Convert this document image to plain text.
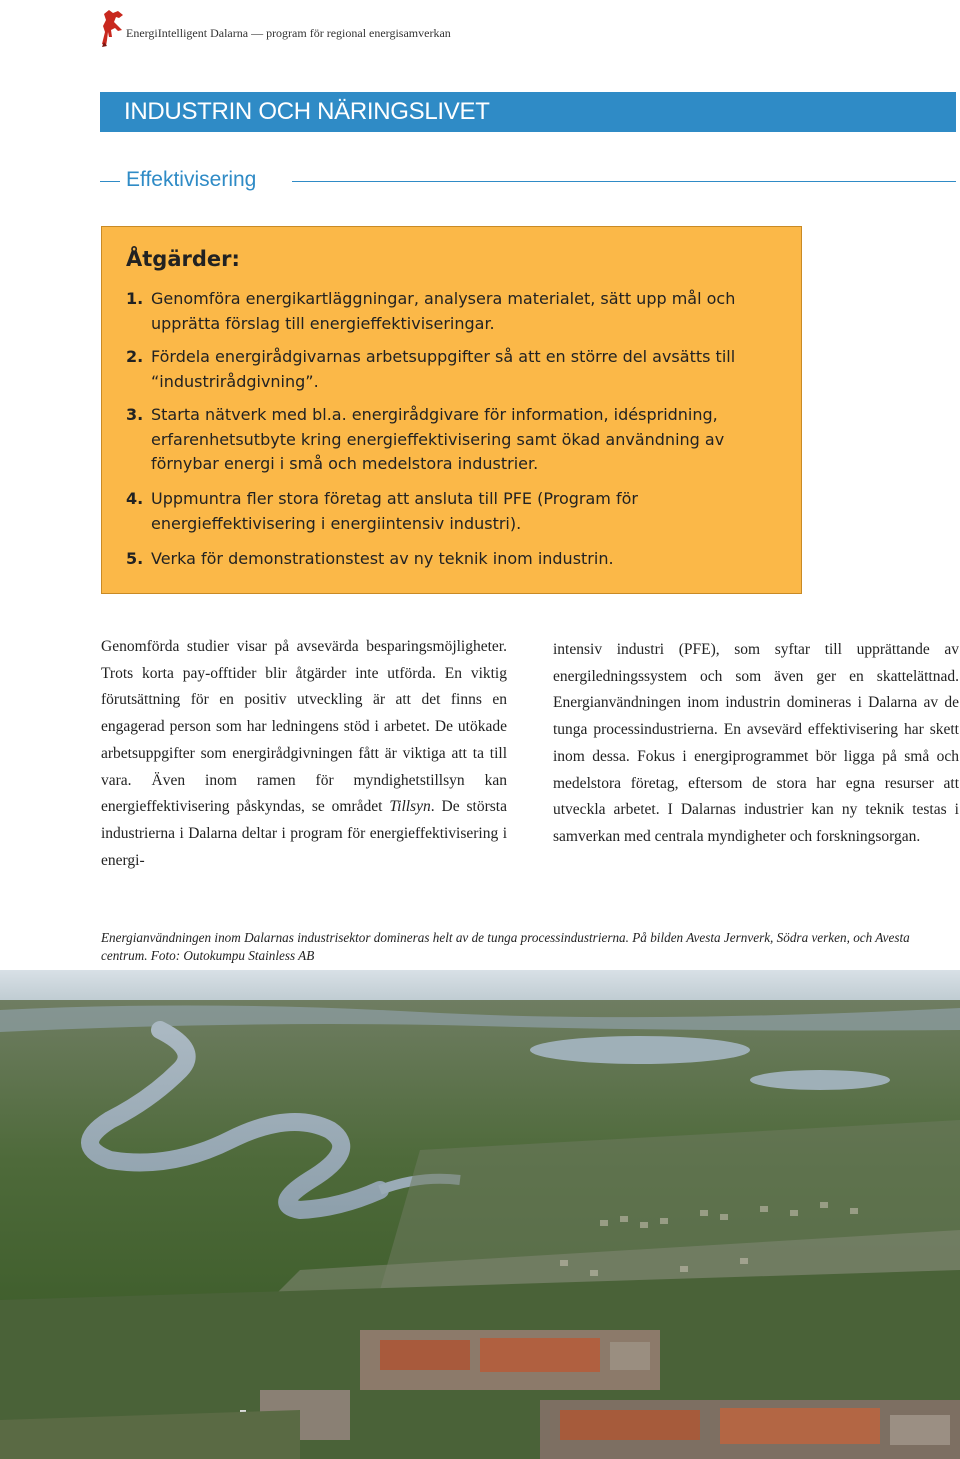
EnergiIntelligent Dalarna — program för regional energisamverkan
INDUSTRIN OCH NÄRINGSLIVET
Effektivisering
Åtgärder:
1. Genomföra energikartläggningar, analysera materialet, sätt upp mål och upprätta förslag till energieffektiviseringar.
2. Fördela energirådgivarnas arbetsuppgifter så att en större del avsätts till “industrirådgivning”.
3. Starta nätverk med bl.a. energirådgivare för information, idéspridning, erfarenhetsutbyte kring energieffektivisering samt ökad användning av förnybar energi i små och medelstora industrier.
4. Uppmuntra fler stora företag att ansluta till PFE (Program för energieffektivisering i energiintensiv industri).
5. Verka för demonstrationstest av ny teknik inom industrin.
Genomförda studier visar på avsevärda besparingsmöjligheter. Trots korta pay-offtider blir åtgärder inte utförda. En viktig förutsättning för en positiv utveckling är att det finns en engagerad person som har ledningens stöd i arbetet. De utökade arbetsuppgifter som energirådgivningen fått är viktiga att ta till vara. Även inom ramen för myndighetstillsyn kan energieffektivisering påskyndas, se området Tillsyn. De största industrierna i Dalarna deltar i program för energieffektivisering i energi-
intensiv industri (PFE), som syftar till upprättande av energiledningssystem och som även ger en skattelättnad. Energianvändningen inom industrin domineras i Dalarna av de tunga processindustrierna. En avsevärd effektivisering har skett inom dessa. Fokus i energiprogrammet bör ligga på små och medelstora företag, eftersom de stora har egna resurser att utveckla arbetet. I Dalarnas industrier kan ny teknik testas i samverkan med centrala myndigheter och forskningsorgan.
Energianvändningen inom Dalarnas industrisektor domineras helt av de tunga processindustrierna. På bilden Avesta Jernverk, Södra verken, och Avesta centrum. Foto: Outokumpu Stainless AB
